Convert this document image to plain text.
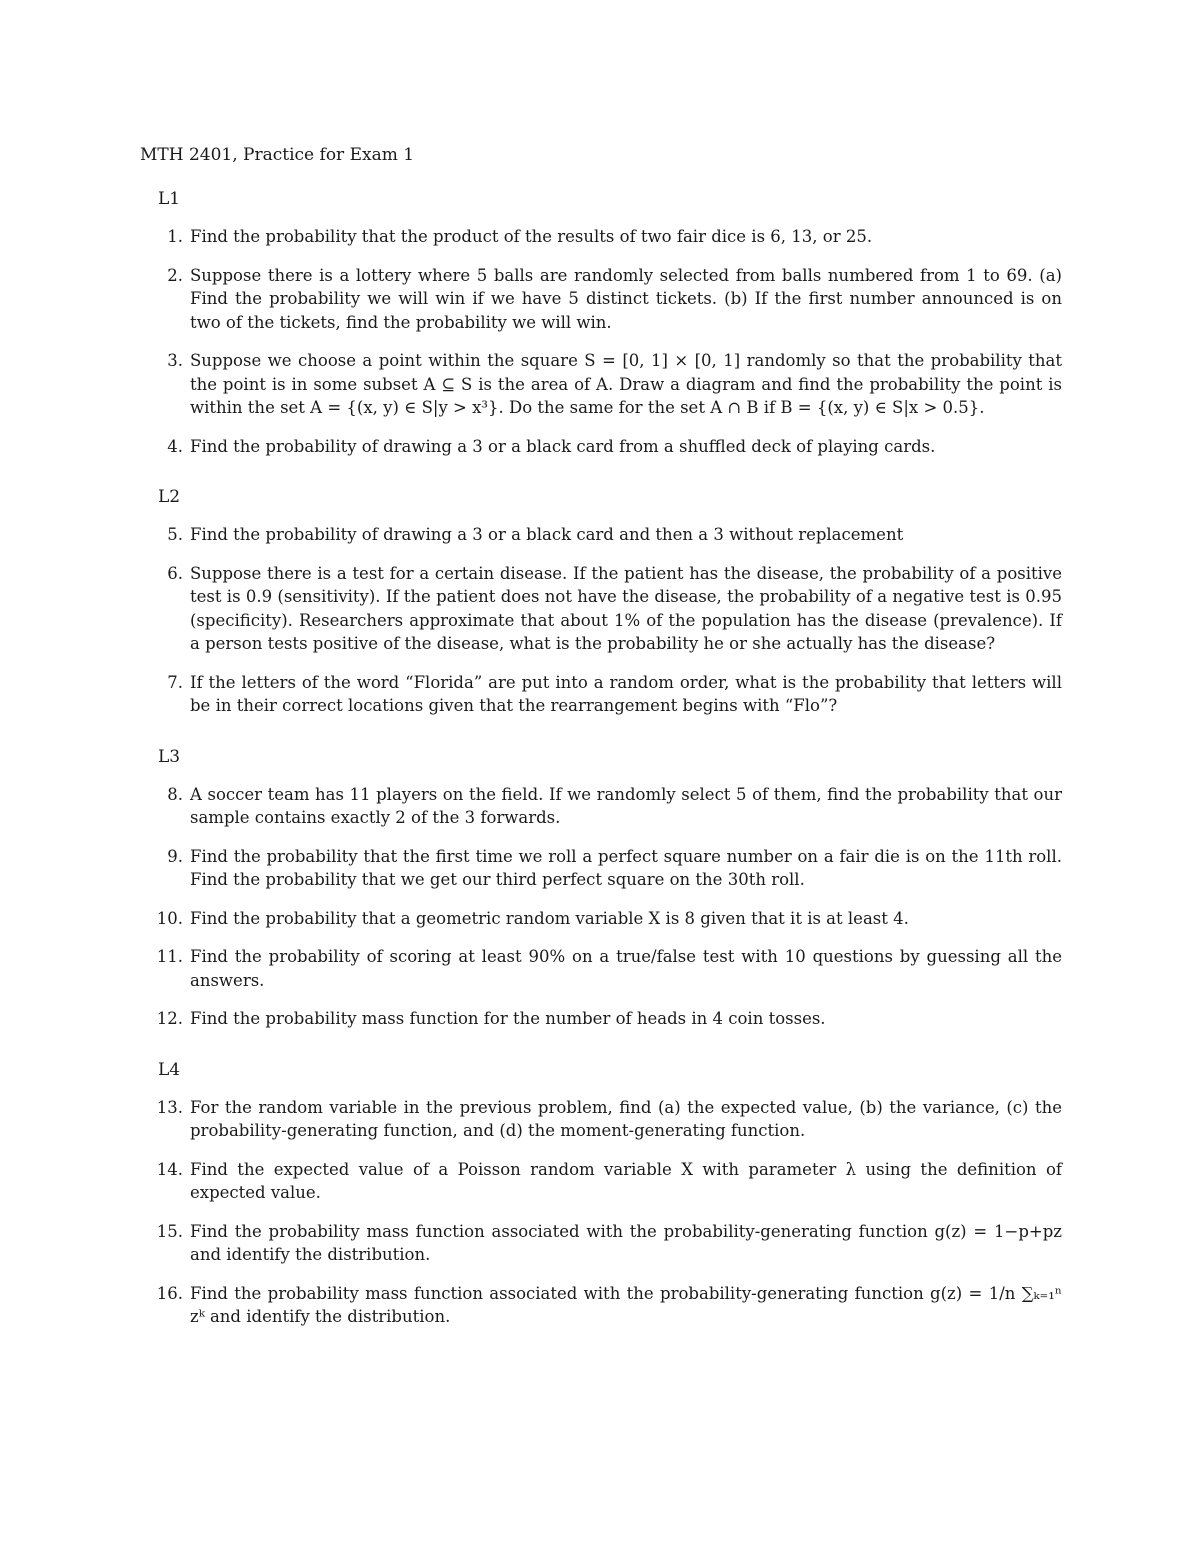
MTH 2401, Practice for Exam 1
L1
1. Find the probability that the product of the results of two fair dice is 6, 13, or 25.
2. Suppose there is a lottery where 5 balls are randomly selected from balls numbered from 1 to 69. (a) Find the probability we will win if we have 5 distinct tickets. (b) If the first number announced is on two of the tickets, find the probability we will win.
3. Suppose we choose a point within the square S = [0, 1] × [0, 1] randomly so that the probability that the point is in some subset A ⊆ S is the area of A. Draw a diagram and find the probability the point is within the set A = {(x, y) ∈ S|y > x³}. Do the same for the set A ∩ B if B = {(x, y) ∈ S|x > 0.5}.
4. Find the probability of drawing a 3 or a black card from a shuffled deck of playing cards.
L2
5. Find the probability of drawing a 3 or a black card and then a 3 without replacement
6. Suppose there is a test for a certain disease. If the patient has the disease, the probability of a positive test is 0.9 (sensitivity). If the patient does not have the disease, the probability of a negative test is 0.95 (specificity). Researchers approximate that about 1% of the population has the disease (prevalence). If a person tests positive of the disease, what is the probability he or she actually has the disease?
7. If the letters of the word “Florida” are put into a random order, what is the probability that letters will be in their correct locations given that the rearrangement begins with “Flo”?
L3
8. A soccer team has 11 players on the field. If we randomly select 5 of them, find the probability that our sample contains exactly 2 of the 3 forwards.
9. Find the probability that the first time we roll a perfect square number on a fair die is on the 11th roll. Find the probability that we get our third perfect square on the 30th roll.
10. Find the probability that a geometric random variable X is 8 given that it is at least 4.
11. Find the probability of scoring at least 90% on a true/false test with 10 questions by guessing all the answers.
12. Find the probability mass function for the number of heads in 4 coin tosses.
L4
13. For the random variable in the previous problem, find (a) the expected value, (b) the variance, (c) the probability-generating function, and (d) the moment-generating function.
14. Find the expected value of a Poisson random variable X with parameter λ using the definition of expected value.
15. Find the probability mass function associated with the probability-generating function g(z) = 1−p+pz and identify the distribution.
16. Find the probability mass function associated with the probability-generating function g(z) = 1/n ∑ₖ₌₁ⁿ zᵏ and identify the distribution.
